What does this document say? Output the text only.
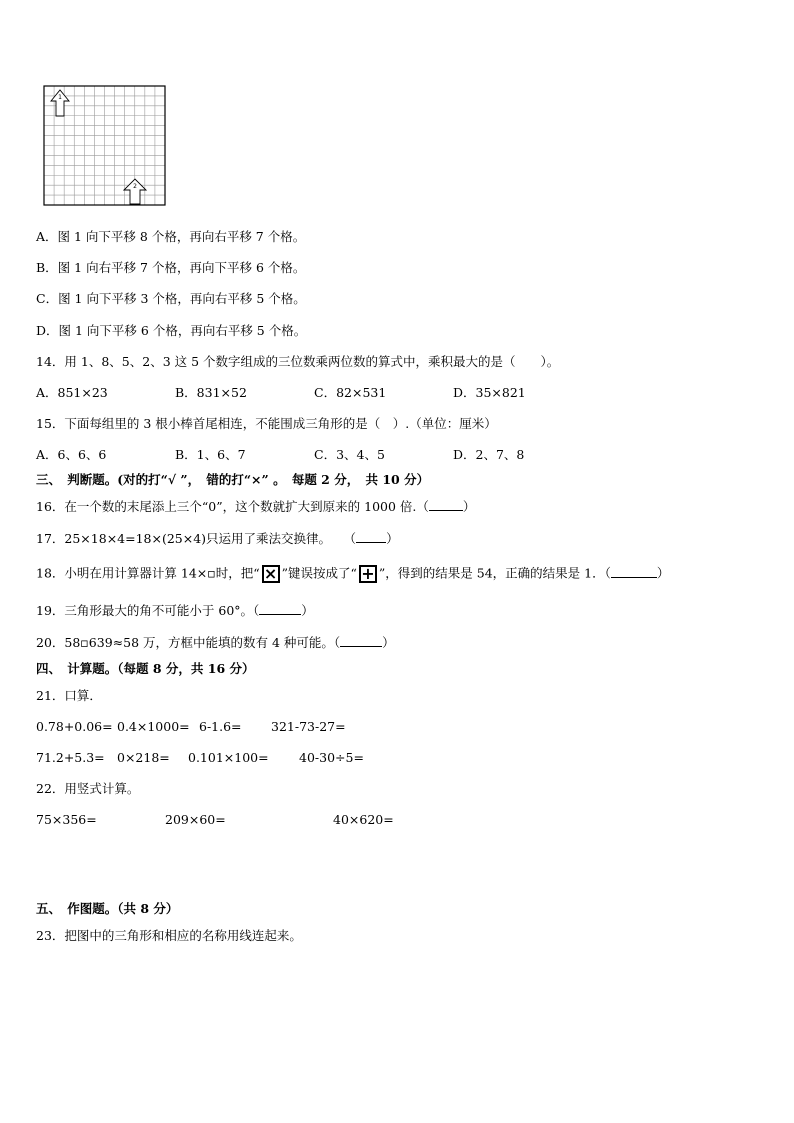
1
2
A．图 1 向下平移 8 个格，再向右平移 7 个格。
B．图 1 向右平移 7 个格，再向下平移 6 个格。
C．图 1 向下平移 3 个格，再向右平移 5 个格。
D．图 1 向下平移 6 个格，再向右平移 5 个格。
14．用 1、8、5、2、3 这 5 个数字组成的三位数乘两位数的算式中，乘积最大的是（　　）。
A．851×23	B．831×52	C．82×531	D．35×821
15．下面每组里的 3 根小棒首尾相连，不能围成三角形的是（　）.（单位：厘米）
A．6、6、6	B．1、6、7	C．3、4、5	D．2、7、8
三、　判断题。(对的打“√ ”，　错的打“×” 。　每题 2 分，　共 10 分）
16．在一个数的末尾添上三个“0”，这个数就扩大到原来的 1000 倍.（	）
17．25×18×4=18×(25×4)只运用了乘法交换律。　　（ ）
18．小明在用计算器计算 14×▫时，把“ × ”键误按成了“ + ”，得到的结果是 54，正确的结果是 1．（	）
19．三角形最大的角不可能小于 60°。（	）
20．58▫639≈58 万，方框中能填的数有 4 种可能。（	）
四、　计算题。（每题 8 分，共 16 分）
21．口算．
0.78+0.06= 0.4×1000= 6-1.6= 321-73-27=
71.2+5.3= 0×218= 0.101×100= 40-30÷5=
22．用竖式计算。
75×356=	209×60=	40×620=
五、　作图题。（共 8 分）
23．把图中的三角形和相应的名称用线连起来。
